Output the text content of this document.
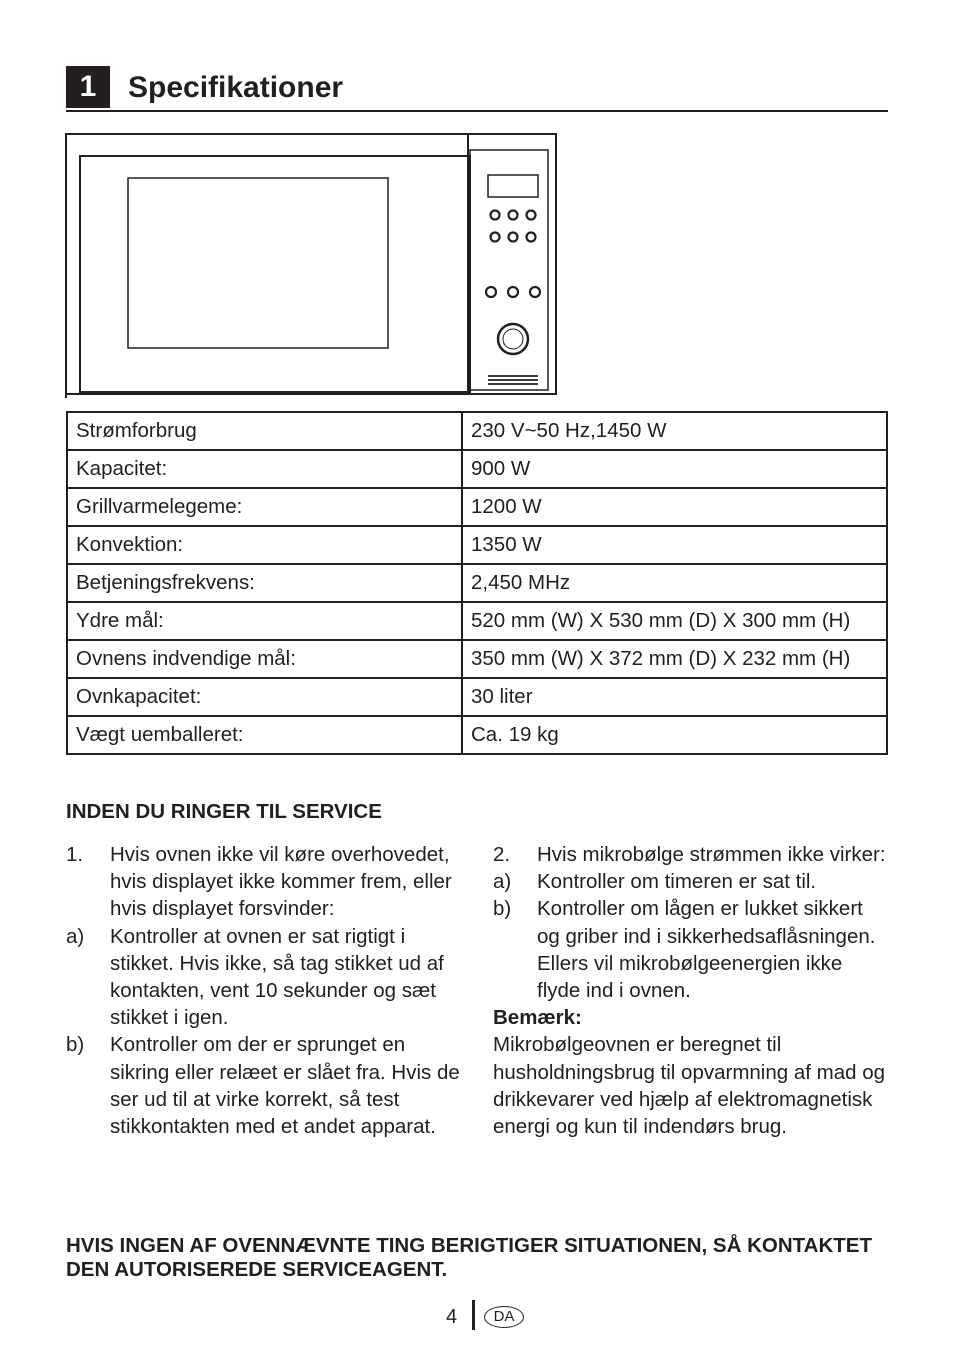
1	Specifikationer
Strømforbrug	230 V~50 Hz,1450 W
Kapacitet:	900 W
Grillvarmelegeme:	1200 W
Konvektion:	1350 W
Betjeningsfrekvens:	2,450 MHz
Ydre mål:	520 mm (W) X 530 mm (D) X 300 mm (H)
Ovnens indvendige mål:	350 mm (W) X 372 mm (D) X 232 mm (H)
Ovnkapacitet:	30 liter
Vægt uemballeret:	Ca. 19 kg
INDEN DU RINGER TIL SERVICE
1. Hvis ovnen ikke vil køre overhovedet, hvis displayet ikke kommer frem, eller hvis displayet forsvinder:
a) Kontroller at ovnen er sat rigtigt i stikket. Hvis ikke, så tag stikket ud af kontakten, vent 10 sekunder og sæt stikket i igen.
b) Kontroller om der er sprunget en sikring eller relæet er slået fra. Hvis de ser ud til at virke korrekt, så test stikkontakten med et andet apparat.
2. Hvis mikrobølge strømmen ikke virker:
a) Kontroller om timeren er sat til.
b) Kontroller om lågen er lukket sikkert og griber ind i sikkerhedsaflåsningen. Ellers vil mikrobølgeenergien ikke flyde ind i ovnen.
Bemærk:
Mikrobølgeovnen er beregnet til husholdningsbrug til opvarmning af mad og drikkevarer ved hjælp af elektromagnetisk energi og kun til indendørs brug.
HVIS INGEN AF OVENNÆVNTE TING BERIGTIGER SITUATIONEN, SÅ KONTAKTET DEN AUTORISEREDE SERVICEAGENT.
4	DA
